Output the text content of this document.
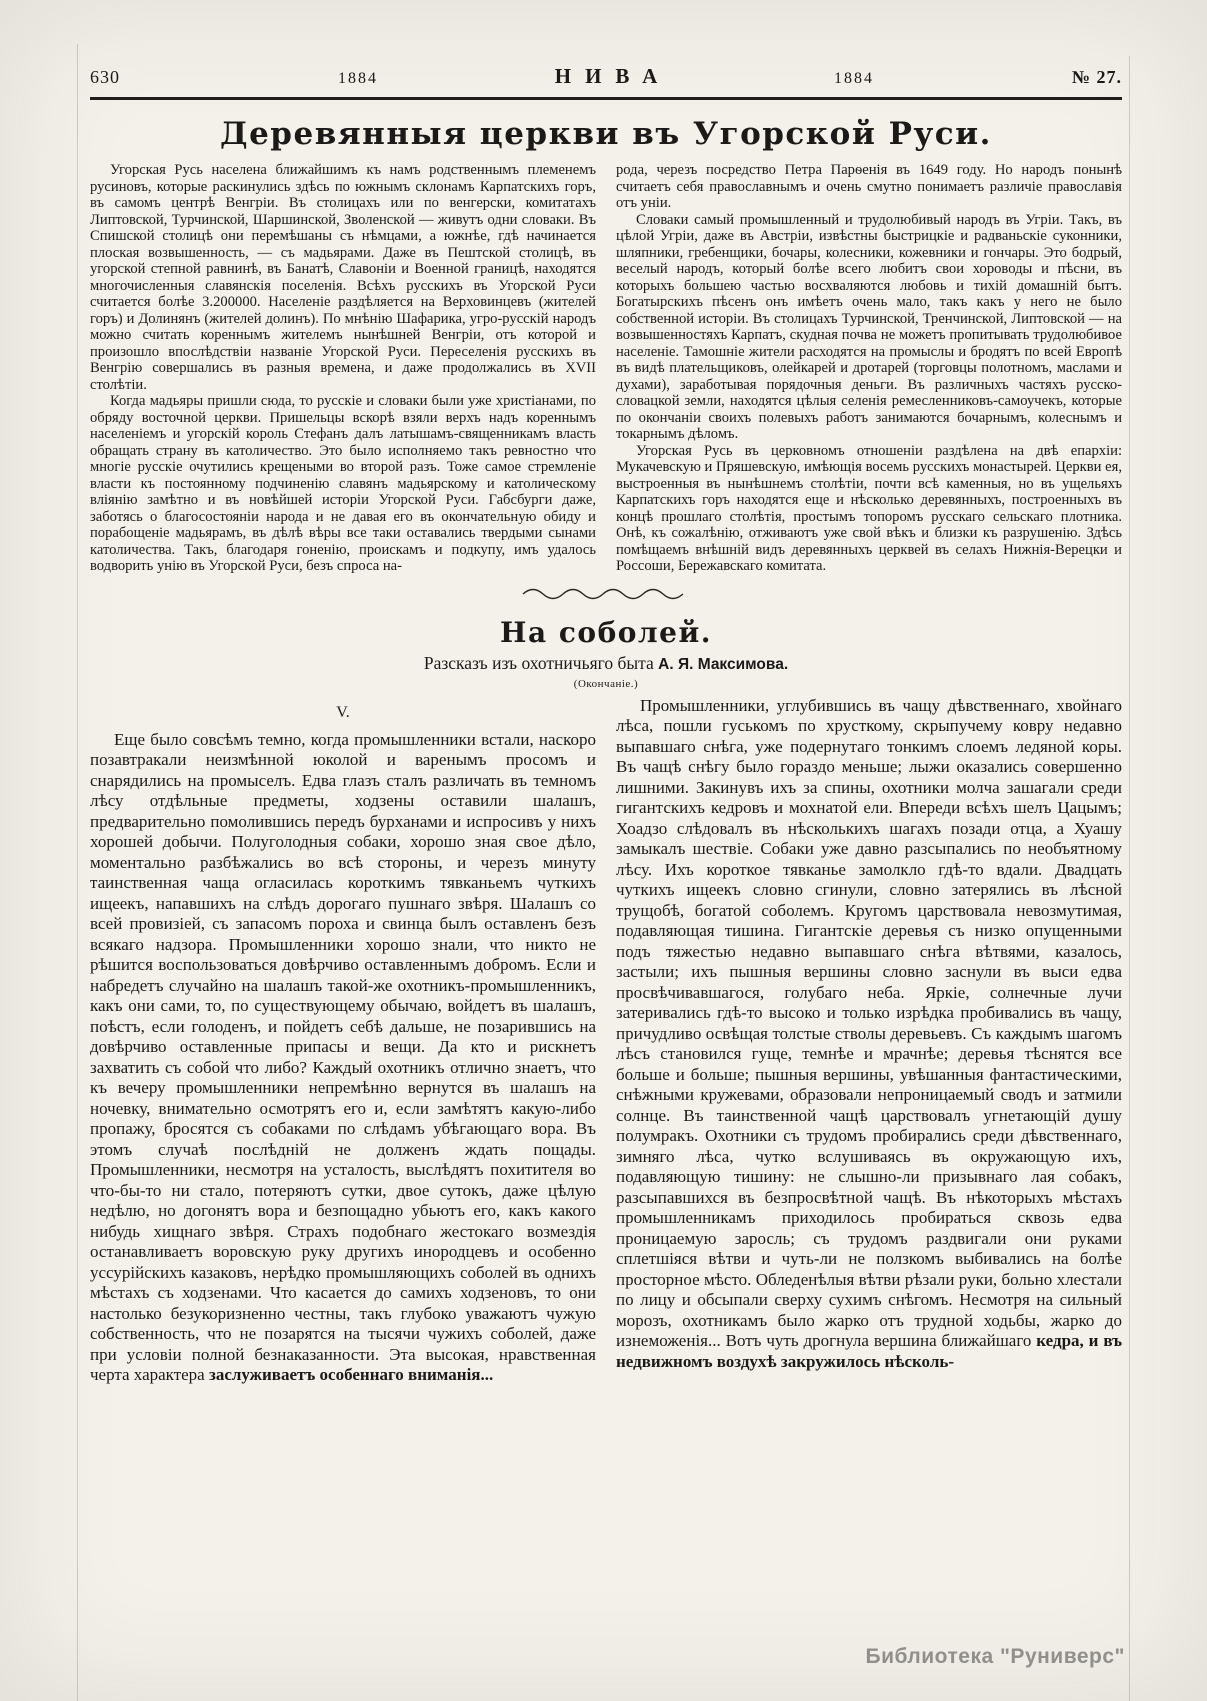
630	1884	НИВА	1884	№ 27.
Деревянныя церкви въ Угорской Руси.

Угорская Русь населена ближайшимъ къ намъ родственнымъ племенемъ русиновъ, которые раскинулись здѣсь по южнымъ склонамъ Карпатскихъ горъ, въ самомъ центрѣ Венгріи. Въ столицахъ или по венгерски, комитатахъ Липтовской, Турчинской, Шаршинской, Зволенской — живутъ одни словаки. Въ Спишской столицѣ они перемѣшаны съ нѣмцами, а южнѣе, гдѣ начинается плоская возвышенность, — съ мадьярами. Даже въ Пештской столицѣ, въ угорской степной равнинѣ, въ Банатѣ, Славоніи и Военной границѣ, находятся многочисленныя славянскія поселенія. Всѣхъ русскихъ въ Угорской Руси считается болѣе 3.200000. Населеніе раздѣляется на Верховинцевъ (жителей горъ) и Долинянъ (жителей долинъ). По мнѣнію Шафарика, угро-русскій народъ можно считать кореннымъ жителемъ нынѣшней Венгріи, отъ которой и произошло впослѣдствіи названіе Угорской Руси. Переселенія русскихъ въ Венгрію совершались въ разныя времена, и даже продолжались въ XVII столѣтіи.

Когда мадьяры пришли сюда, то русскіе и словаки были уже христіанами, по обряду восточной церкви. Пришельцы вскорѣ взяли верхъ надъ кореннымъ населеніемъ и угорскій король Стефанъ далъ латышамъ-священникамъ власть обращать страну въ католичество. Это было исполняемо такъ ревностно что многіе русскіе очутились крещеными во второй разъ. Тоже самое стремленіе власти къ постоянному подчиненію славянъ мадьярскому и католическому вліянію замѣтно и въ новѣйшей исторіи Угорской Руси. Габсбурги даже, заботясь о благосостояніи народа и не давая его въ окончательную обиду и порабощеніе мадьярамъ, въ дѣлѣ вѣры все таки оставались твердыми сынами католичества. Такъ, благодаря гоненію, проискамъ и подкупу, имъ удалось водворить унію въ Угорской Руси, безъ спроса на-

рода, черезъ посредство Петра Парѳенія въ 1649 году. Но народъ понынѣ считаетъ себя православнымъ и очень смутно понимаетъ различіе православія отъ уніи.

Словаки самый промышленный и трудолюбивый народъ въ Угріи. Такъ, въ цѣлой Угріи, даже въ Австріи, извѣстны быстрицкіе и радваньскіе суконники, шляпники, гребенщики, бочары, колесники, кожевники и гончары. Это бодрый, веселый народъ, который болѣе всего любитъ свои хороводы и пѣсни, въ которыхъ большею частью восхваляются любовь и тихій домашній бытъ. Богатырскихъ пѣсенъ онъ имѣетъ очень мало, такъ какъ у него не было собственной исторіи. Въ столицахъ Турчинской, Тренчинской, Липтовской — на возвышенностяхъ Карпатъ, скудная почва не можетъ пропитывать трудолюбивое населеніе. Тамошніе жители расходятся на промыслы и бродятъ по всей Европѣ въ видѣ плательщиковъ, олейкарей и дротарей (торговцы полотномъ, маслами и духами), заработывая порядочныя деньги. Въ различныхъ частяхъ русско-словацкой земли, находятся цѣлыя селенія ремесленниковъ-самоучекъ, которые по окончаніи своихъ полевыхъ работъ занимаются бочарнымъ, колеснымъ и токарнымъ дѣломъ.

Угорская Русь въ церковномъ отношеніи раздѣлена на двѣ епархіи: Мукачевскую и Пряшевскую, имѣющія восемь русскихъ монастырей. Церкви ея, выстроенныя въ нынѣшнемъ столѣтіи, почти всѣ каменныя, но въ ущельяхъ Карпатскихъ горъ находятся еще и нѣсколько деревянныхъ, построенныхъ въ концѣ прошлаго столѣтія, простымъ топоромъ русскаго сельскаго плотника. Онѣ, къ сожалѣнію, отживаютъ уже свой вѣкъ и близки къ разрушенію. Здѣсь помѣщаемъ внѣшній видъ деревянныхъ церквей въ селахъ Нижнія-Верецки и Россоши, Бережавскаго комитата.

На соболей.

Разсказъ изъ охотничьяго быта А. Я. Максимова.

(Окончаніе.)

V.

Еще было совсѣмъ темно, когда промышленники встали, наскоро позавтракали неизмѣнной юколой и варенымъ просомъ и снарядились на промыселъ. Едва глазъ сталъ различать въ темномъ лѣсу отдѣльные предметы, ходзены оставили шалашъ, предварительно помолившись передъ бурханами и испросивъ у нихъ хорошей добычи. Полуголодныя собаки, хорошо зная свое дѣло, моментально разбѣжались во всѣ стороны, и черезъ минуту таинственная чаща огласилась короткимъ тявканьемъ чуткихъ ищеекъ, напавшихъ на слѣдъ дорогаго пушнаго звѣря. Шалашъ со всей провизіей, съ запасомъ пороха и свинца былъ оставленъ безъ всякаго надзора. Промышленники хорошо знали, что никто не рѣшится воспользоваться довѣрчиво оставленнымъ добромъ. Если и набредетъ случайно на шалашъ такой-же охотникъ-промышленникъ, какъ они сами, то, по существующему обычаю, войдетъ въ шалашъ, поѣстъ, если голоденъ, и пойдетъ себѣ дальше, не позарившись на довѣрчиво оставленные припасы и вещи. Да кто и рискнетъ захватить съ собой что либо? Каждый охотникъ отлично знаетъ, что къ вечеру промышленники непремѣнно вернутся въ шалашъ на ночевку, внимательно осмотрятъ его и, если замѣтятъ какую-либо пропажу, бросятся съ собаками по слѣдамъ убѣгающаго вора. Въ этомъ случаѣ послѣдній не долженъ ждать пощады. Промышленники, несмотря на усталость, выслѣдятъ похитителя во что-бы-то ни стало, потеряютъ сутки, двое сутокъ, даже цѣлую недѣлю, но догонятъ вора и безпощадно убьютъ его, какъ какого нибудь хищнаго звѣря. Страхъ подобнаго жестокаго возмездія останавливаетъ воровскую руку другихъ инородцевъ и особенно уссурійскихъ казаковъ, нерѣдко промышляющихъ соболей въ однихъ мѣстахъ съ ходзенами. Что касается до самихъ ходзеновъ, то они настолько безукоризненно честны, такъ глубоко уважаютъ чужую собственность, что не позарятся на тысячи чужихъ соболей, даже при условіи полной безнаказанности. Эта высокая, нравственная черта характера заслуживаетъ особеннаго вниманія...

Промышленники, углубившись въ чащу дѣвственнаго, хвойнаго лѣса, пошли гуськомъ по хрусткому, скрыпучему ковру недавно выпавшаго снѣга, уже подернутаго тонкимъ слоемъ ледяной коры. Въ чащѣ снѣгу было гораздо меньше; лыжи оказались совершенно лишними. Закинувъ ихъ за спины, охотники молча зашагали среди гигантскихъ кедровъ и мохнатой ели. Впереди всѣхъ шелъ Цацымъ; Хоадзо слѣдовалъ въ нѣсколькихъ шагахъ позади отца, а Хуашу замыкалъ шествіе. Собаки уже давно разсыпались по необъятному лѣсу. Ихъ короткое тявканье замолкло гдѣ-то вдали. Двадцать чуткихъ ищеекъ словно сгинули, словно затерялись въ лѣсной трущобѣ, богатой соболемъ. Кругомъ царствовала невозмутимая, подавляющая тишина. Гигантскіе деревья съ низко опущенными подъ тяжестью недавно выпавшаго снѣга вѣтвями, казалось, застыли; ихъ пышныя вершины словно заснули въ выси едва просвѣчивавшагося, голубаго неба. Яркіе, солнечные лучи затеривались гдѣ-то высоко и только изрѣдка пробивались въ чащу, причудливо освѣщая толстые стволы деревьевъ. Съ каждымъ шагомъ лѣсъ становился гуще, темнѣе и мрачнѣе; деревья тѣснятся все больше и больше; пышныя вершины, увѣшанныя фантастическими, снѣжными кружевами, образовали непроницаемый сводъ и затмили солнце. Въ таинственной чащѣ царствовалъ угнетающій душу полумракъ. Охотники съ трудомъ пробирались среди дѣвственнаго, зимняго лѣса, чутко вслушиваясь въ окружающую ихъ, подавляющую тишину: не слышно-ли призывнаго лая собакъ, разсыпавшихся въ безпросвѣтной чащѣ. Въ нѣкоторыхъ мѣстахъ промышленникамъ приходилось пробираться сквозь едва проницаемую заросль; съ трудомъ раздвигали они руками сплетшіяся вѣтви и чуть-ли не ползкомъ выбивались на болѣе просторное мѣсто. Обледенѣлыя вѣтви рѣзали руки, больно хлестали по лицу и обсыпали сверху сухимъ снѣгомъ. Несмотря на сильный морозъ, охотникамъ было жарко отъ трудной ходьбы, жарко до изнеможенія... Вотъ чуть дрогнула вершина ближайшаго кедра, и въ недвижномъ воздухѣ закружилось нѣсколь-

Библиотека "Руниверс"
